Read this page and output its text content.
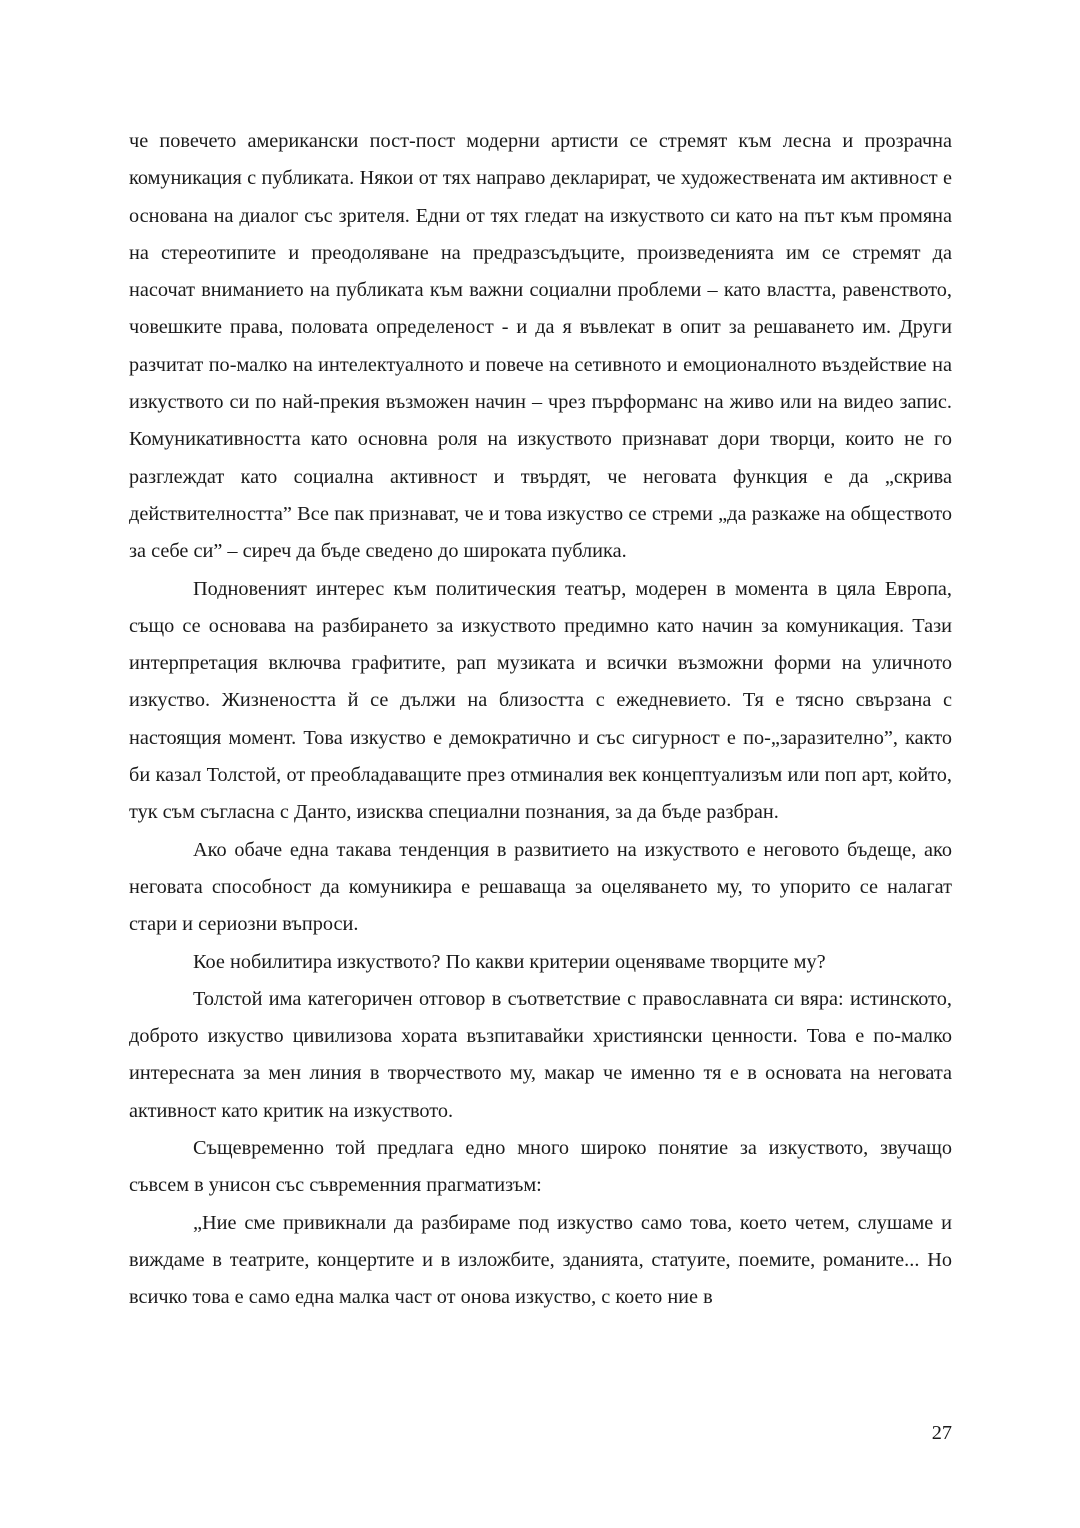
че повечето американски пост-пост модерни артисти се стремят към лесна и прозрачна комуникация с публиката. Някои от тях направо декларират, че художествената им активност е основана на диалог със зрителя. Едни от тях гледат на изкуството си като на път към промяна на стереотипите и преодоляване на предразсъдъците, произведенията им се стремят да насочат вниманието на публиката към важни социални проблеми – като властта, равенството, човешките права, половата определеност - и да я въвлекат в опит за решаването им. Други разчитат по-малко на интелектуалното и повече на сетивното и емоционалното въздействие на изкуството си по най-прекия възможен начин – чрез пърформанс на живо или на видео запис. Комуникативността като основна роля на изкуството признават дори творци, които не го разглеждат като социална активност и твърдят, че неговата функция е да „скрива действителността” Все пак признават, че и това изкуство се стреми „да разкаже на обществото за себе си” – сиреч да бъде сведено до широката публика.

Подновеният интерес към политическия театър, модерен в момента в цяла Европа, също се основава на разбирането за изкуството предимно като начин за комуникация. Тази интерпретация включва графитите, рап музиката и всички възможни форми на уличното изкуство. Жизнеността й се дължи на близостта с ежедневието. Тя е тясно свързана с настоящия момент. Това изкуство е демократично и със сигурност е по-„заразително”, както би казал Толстой, от преобладаващите през отминалия век концептуализъм или поп арт, който, тук съм съгласна с Данто, изисква специални познания, за да бъде разбран.

Ако обаче една такава тенденция в развитието на изкуството е неговото бъдеще, ако неговата способност да комуникира е решаваща за оцеляването му, то упорито се налагат стари и сериозни въпроси.

Кое нобилитира изкуството? По какви критерии оценяваме творците му?

Толстой има категоричен отговор в съответствие с православната си вяра: истинското, доброто изкуство цивилизова хората възпитавайки християнски ценности. Това е по-малко интересната за мен линия в творчеството му, макар че именно тя е в основата на неговата активност като критик на изкуството.

Същевременно той предлага едно много широко понятие за изкуството, звучащо съвсем в унисон със съвременния прагматизъм:

„Ние сме привикнали да разбираме под изкуство само това, което четем, слушаме и виждаме в театрите, концертите и в изложбите, зданията, статуите, поемите, романите... Но всичко това е само една малка част от онова изкуство, с което ние в

27
